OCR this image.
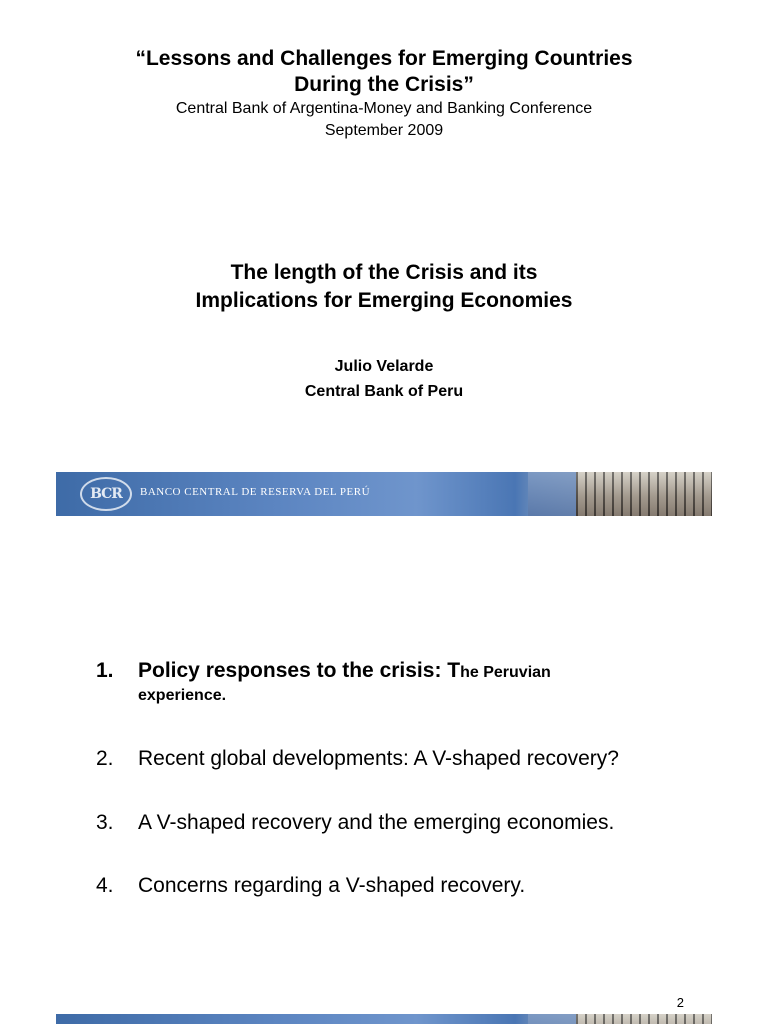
“Lessons and Challenges for Emerging Countries
During the Crisis”
Central Bank of Argentina-Money and Banking Conference
September 2009
The length of the Crisis and its
Implications for Emerging Economies
Julio Velarde
Central Bank of Peru
BCR	BANCO CENTRAL DE RESERVA DEL PERÚ
1.	Policy responses to the crisis: The Peruvian
experience.
2.	Recent global developments: A V-shaped recovery?
3.	A V-shaped recovery and the emerging economies.
4.	Concerns regarding a V-shaped recovery.
2
